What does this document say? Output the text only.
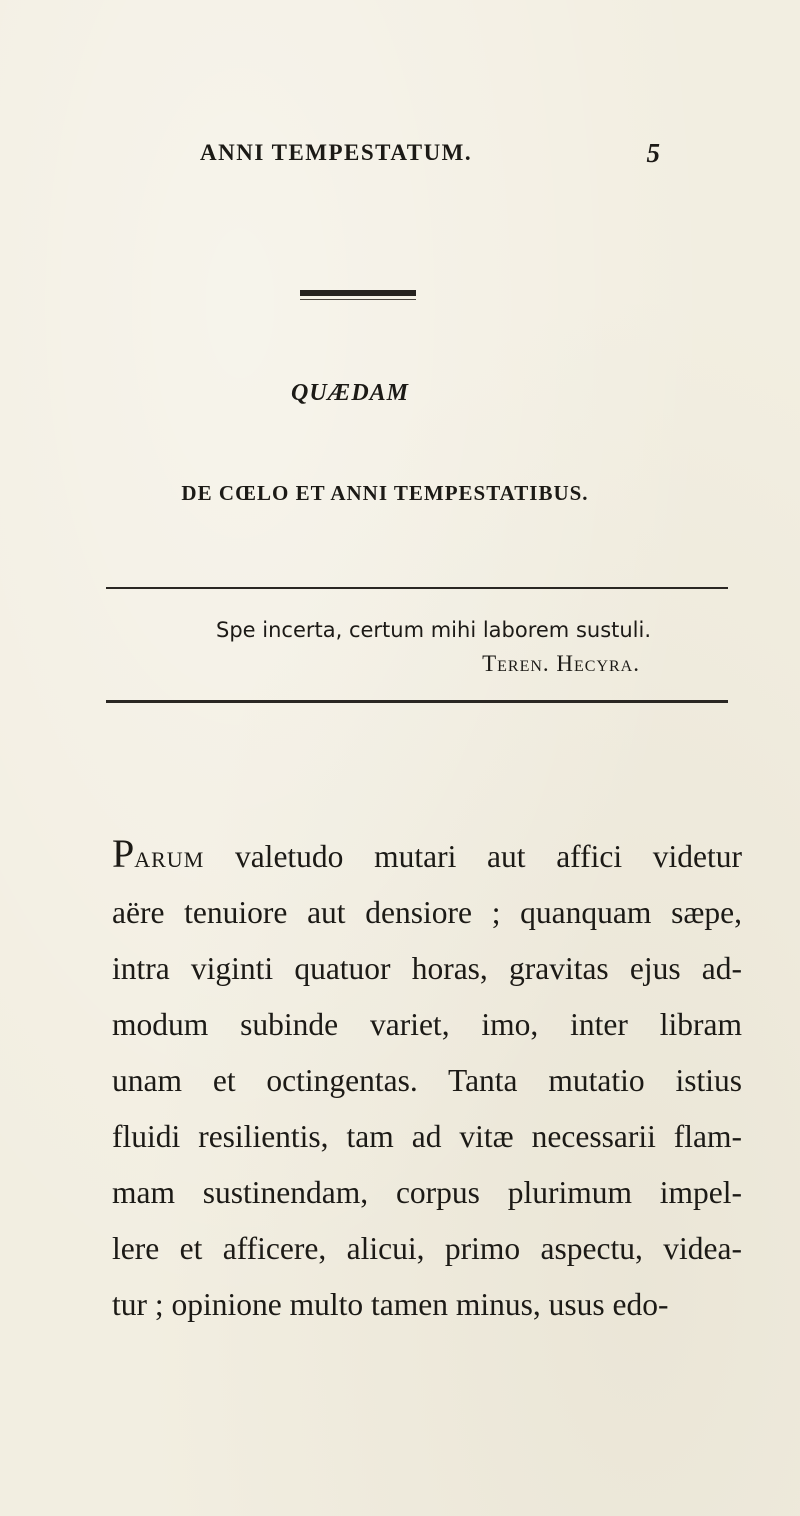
ANNI TEMPESTATUM.	5
QUÆDAM
DE CŒLO ET ANNI TEMPESTATIBUS.
Spe incerta, certum mihi laborem sustuli.
Teren. Hecyra.
Parum valetudo mutari aut affici videtur
aëre tenuiore aut densiore ; quanquam sæpe,
intra viginti quatuor horas, gravitas ejus ad-
modum subinde variet, imo, inter libram
unam et octingentas. Tanta mutatio istius
fluidi resilientis, tam ad vitæ necessarii flam-
mam sustinendam, corpus plurimum impel-
lere et afficere, alicui, primo aspectu, videa-
tur ; opinione multo tamen minus, usus edo-
